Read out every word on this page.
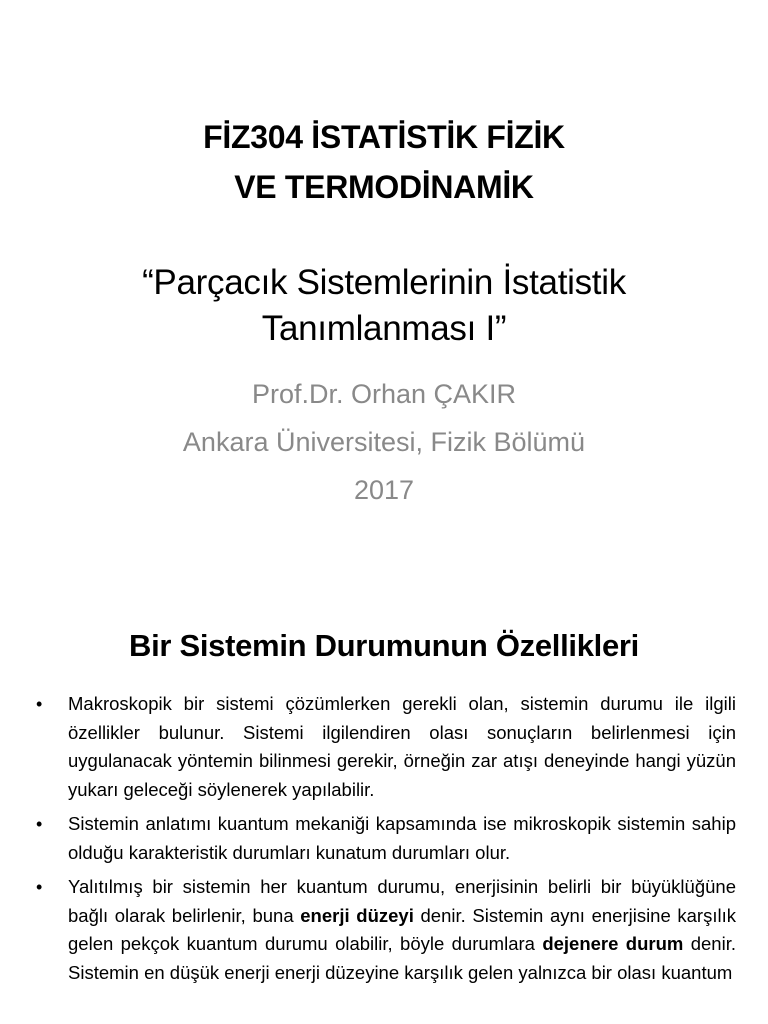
FİZ304 İSTATİSTİK FİZİK
VE TERMODİNAMİK
“Parçacık Sistemlerinin İstatistik
Tanımlanması I”
Prof.Dr. Orhan ÇAKIR
Ankara Üniversitesi, Fizik Bölümü
2017
Bir Sistemin Durumunun Özellikleri
•	Makroskopik bir sistemi çözümlerken gerekli olan, sistemin durumu ile ilgili özellikler bulunur. Sistemi ilgilendiren olası sonuçların belirlenmesi için uygulanacak yöntemin bilinmesi gerekir, örneğin zar atışı deneyinde hangi yüzün yukarı geleceği söylenerek yapılabilir.
•	Sistemin anlatımı kuantum mekaniği kapsamında ise mikroskopik sistemin sahip olduğu karakteristik durumları kunatum durumları olur.
•	Yalıtılmış bir sistemin her kuantum durumu, enerjisinin belirli bir büyüklüğüne bağlı olarak belirlenir, buna enerji düzeyi denir. Sistemin aynı enerjisine karşılık gelen pekçok kuantum durumu olabilir, böyle durumlara dejenere durum denir. Sistemin en düşük enerji enerji düzeyine karşılık gelen yalnızca bir olası kuantum
